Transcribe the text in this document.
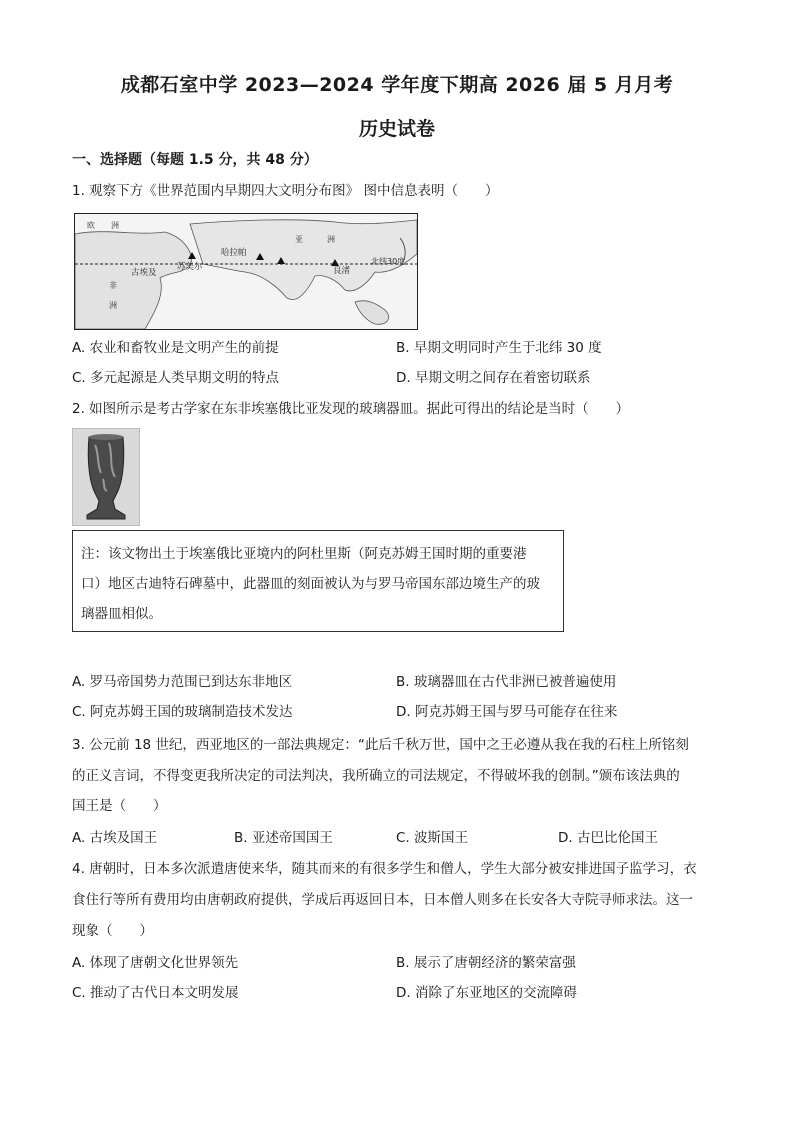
成都石室中学 2023—2024 学年度下期高 2026 届 5 月月考
历史试卷
一、选择题（每题 1.5 分，共 48 分）
1. 观察下方《世界范围内早期四大文明分布图》 图中信息表明（　　）
欧　　洲
亚　　　洲
非
洲
古埃及
苏美尔
哈拉帕
良渚
北纬30度
A. 农业和畜牧业是文明产生的前提	B. 早期文明同时产生于北纬 30 度
C. 多元起源是人类早期文明的特点	D. 早期文明之间存在着密切联系
2. 如图所示是考古学家在东非埃塞俄比亚发现的玻璃器皿。据此可得出的结论是当时（　　）
注：该文物出土于埃塞俄比亚境内的阿杜里斯（阿克苏姆王国时期的重要港
口）地区古迪特石碑墓中，此器皿的刻面被认为与罗马帝国东部边境生产的玻
璃器皿相似。
A. 罗马帝国势力范围已到达东非地区	B. 玻璃器皿在古代非洲已被普遍使用
C. 阿克苏姆王国的玻璃制造技术发达	D. 阿克苏姆王国与罗马可能存在往来
3. 公元前 18 世纪，西亚地区的一部法典规定：“此后千秋万世，国中之王必遵从我在我的石柱上所铭刻
的正义言词，不得变更我所决定的司法判决，我所确立的司法规定，不得破坏我的创制。”颁布该法典的
国王是（　　）
A. 古埃及国王	B. 亚述帝国国王	C. 波斯国王	D. 古巴比伦国王
4. 唐朝时，日本多次派遣唐使来华，随其而来的有很多学生和僧人，学生大部分被安排进国子监学习，衣
食住行等所有费用均由唐朝政府提供，学成后再返回日本，日本僧人则多在长安各大寺院寻师求法。这一
现象（　　）
A. 体现了唐朝文化世界领先	B. 展示了唐朝经济的繁荣富强
C. 推动了古代日本文明发展	D. 消除了东亚地区的交流障碍
